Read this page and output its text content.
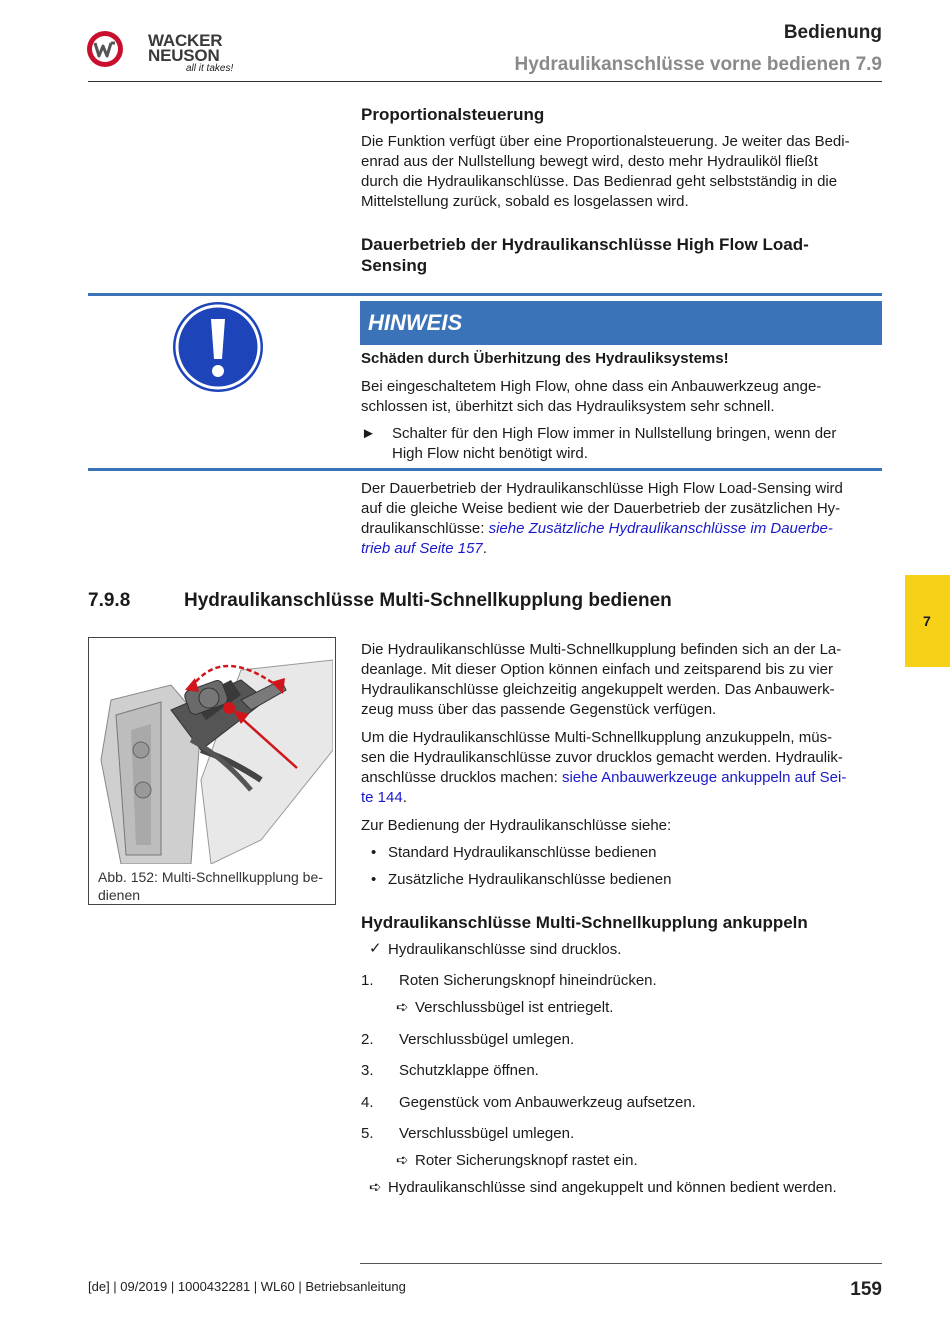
WACKER
NEUSON
all it takes!
Bedienung
Hydraulikanschlüsse vorne bedienen 7.9
Proportionalsteuerung
Die Funktion verfügt über eine Proportionalsteuerung. Je weiter das Bedi-
enrad aus der Nullstellung bewegt wird, desto mehr Hydrauliköl fließt
durch die Hydraulikanschlüsse. Das Bedienrad geht selbstständig in die
Mittelstellung zurück, sobald es losgelassen wird.
Dauerbetrieb der Hydraulikanschlüsse High Flow Load-
Sensing
HINWEIS
Schäden durch Überhitzung des Hydrauliksystems!
Bei eingeschaltetem High Flow, ohne dass ein Anbauwerkzeug ange-
schlossen ist, überhitzt sich das Hydrauliksystem sehr schnell.
► Schalter für den High Flow immer in Nullstellung bringen, wenn der
High Flow nicht benötigt wird.
Der Dauerbetrieb der Hydraulikanschlüsse High Flow Load-Sensing wird
auf die gleiche Weise bedient wie der Dauerbetrieb der zusätzlichen Hy-
draulikanschlüsse: siehe Zusätzliche Hydraulikanschlüsse im Dauerbe-
trieb auf Seite 157.
7.9.8	Hydraulikanschlüsse Multi-Schnellkupplung bedienen
7
Abb. 152: Multi-Schnellkupplung be-
dienen
Die Hydraulikanschlüsse Multi-Schnellkupplung befinden sich an der La-
deanlage. Mit dieser Option können einfach und zeitsparend bis zu vier
Hydraulikanschlüsse gleichzeitig angekuppelt werden. Das Anbauwerk-
zeug muss über das passende Gegenstück verfügen.
Um die Hydraulikanschlüsse Multi-Schnellkupplung anzukuppeln, müs-
sen die Hydraulikanschlüsse zuvor drucklos gemacht werden. Hydraulik-
anschlüsse drucklos machen: siehe Anbauwerkzeuge ankuppeln auf Sei-
te 144.
Zur Bedienung der Hydraulikanschlüsse siehe:
• Standard Hydraulikanschlüsse bedienen
• Zusätzliche Hydraulikanschlüsse bedienen
Hydraulikanschlüsse Multi-Schnellkupplung ankuppeln
✓ Hydraulikanschlüsse sind drucklos.
1.	Roten Sicherungsknopf hineindrücken.
➪ Verschlussbügel ist entriegelt.
2.	Verschlussbügel umlegen.
3.	Schutzklappe öffnen.
4.	Gegenstück vom Anbauwerkzeug aufsetzen.
5.	Verschlussbügel umlegen.
➪ Roter Sicherungsknopf rastet ein.
➪ Hydraulikanschlüsse sind angekuppelt und können bedient werden.
[de] | 09/2019 | 1000432281 | WL60 | Betriebsanleitung	159
